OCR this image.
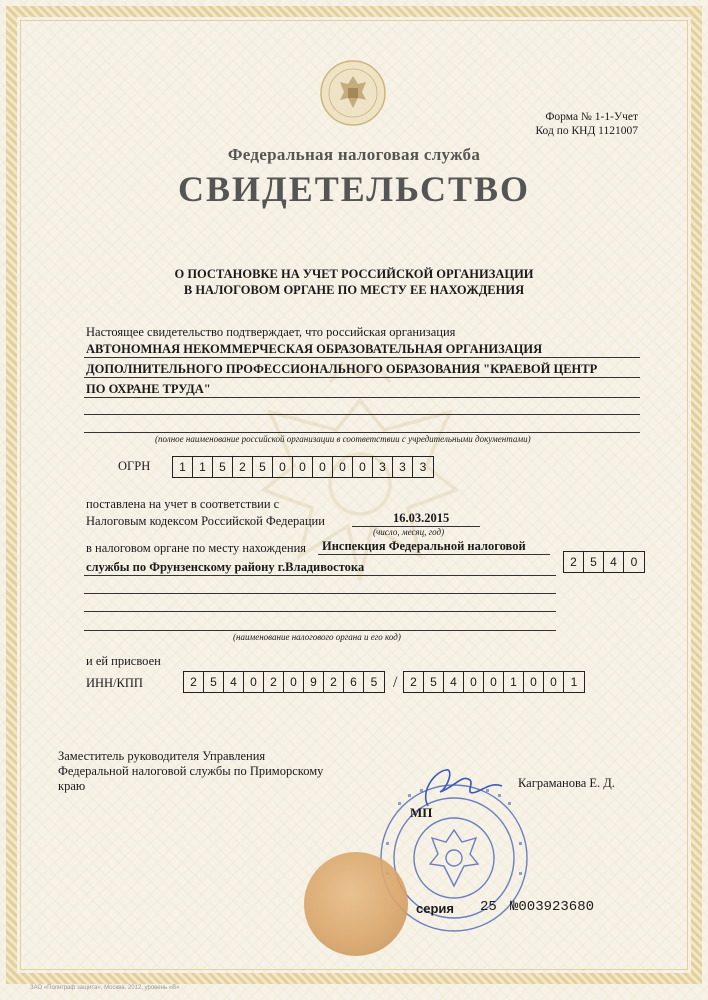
Форма № 1-1-Учет
Код по КНД 1121007
Федеральная налоговая служба
СВИДЕТЕЛЬСТВО
О ПОСТАНОВКЕ НА УЧЕТ РОССИЙСКОЙ ОРГАНИЗАЦИИ
В НАЛОГОВОМ ОРГАНЕ ПО МЕСТУ ЕЕ НАХОЖДЕНИЯ
Настоящее свидетельство подтверждает, что российская организация
АВТОНОМНАЯ НЕКОММЕРЧЕСКАЯ ОБРАЗОВАТЕЛЬНАЯ ОРГАНИЗАЦИЯ
ДОПОЛНИТЕЛЬНОГО ПРОФЕССИОНАЛЬНОГО ОБРАЗОВАНИЯ "КРАЕВОЙ ЦЕНТР
ПО ОХРАНЕ ТРУДА"
(полное наименование российской организации в соответствии с учредительными документами)
ОГРН	1	1	5	2	5	0	0	0	0	0	3	3	3
поставлена на учет в соответствии с
Налоговым кодексом Российской Федерации	16.03.2015
(число, месяц, год)
в налоговом органе по месту нахождения Инспекция Федеральной налоговой
службы по Фрунзенскому району г.Владивостока	2	5	4	0
(наименование налогового органа и его код)
и ей присвоен
ИНН/КПП	2	5	4	0	2	0	9	2	6	5 /	2	5	4	0	0	1	0	0	1
Заместитель руководителя Управления
Федеральной налоговой службы по Приморскому
краю	Каграманова Е. Д.
МП
серия 25 №003923680
ЗАО «Полиграф защита», Москва, 2012, уровень «В»
